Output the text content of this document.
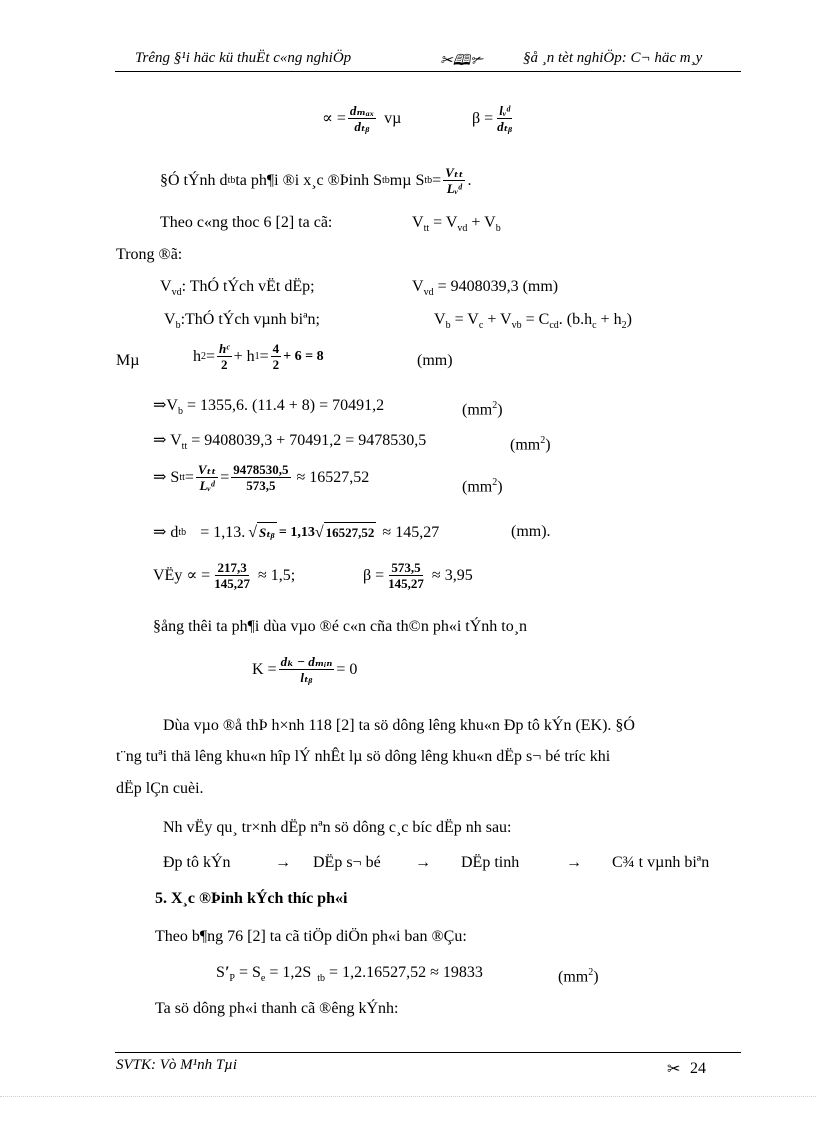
Trêng §¹i häc kü thuËt c«ng nghiÖp	✂🕮✃	§å ¸n tèt nghiÖp: C¬ häc m¸y
∝ = $\frac{\text{dₘₐₓ}}{\text{dₜᵦ}}$ vµ	$\beta = \frac{\text{lᵥᵈ}}{\text{dₜᵦ}}$
§Ó tÝnh d tb ta ph¶i ®i x¸c ®Þinh S tb mµ S tb = $\frac{\text{Vₜₜ}}{\text{Lᵥᵈ}}$ .
Theo c«ng thoc 6 [2] ta cã:	$V_{tt} = V_{vd} + V_b$
Trong ®ã:
$V_{vd}$: ThÓ tÝch vËt dËp;	$V_{vd} = 9408039,3$ (mm)
$V_b:ThÓ$ tÝch vµnh biªn;	$V_b = V_c + V_{vb} = C_{cd}$. $(b.h_c + h_2)$
Mµ	h $2 = \frac{\text{hᶜ}}{2} + h$ $1 = \frac{4}{2} + 6 = 8$	(mm)
$\Rightarrow V_b = 1355,6$. (11.4 + 8) = 70491,2	$(mm^2)$
⇒ $V_{tt} = 9408039,3 + 70491,2 = 9478530,5$	$(mm^2)$
⇒ S tt = $\frac{\text{Vₜₜ}}{\text{Lᵥᵈ}} = \frac{9478530,5}{573,5} \approx 16527,52$
$(mm^2)$
⇒ d tb = 1,13. √ Sₜᵦ = 1,13 √ 16527,52 ≈ 145,27	(mm).
VËy ∝ = $\frac{217,3}{145,27} \approx 1,5$;	$\beta = \frac{573,5}{145,27} \approx 3,95$
§ång thêi ta ph¶i dùa vµo ®é c«n cña th©n ph«i tÝnh to¸n
$K = \frac{\text{dₖ − dₘᵢₙ}}{\text{lₜᵦ}} = 0$
Dùa vµo ®å thÞ h×nh 118 [2] ta sö dông lêng khu«n Ðp tô kÝn (EK). §Ó
t¨ng tuªi thä lêng khu«n hîp lÝ nhÊt lµ sö dông lêng khu«n dËp s¬ bé tríc khi
dËp lÇn cuèi.
Nh vËy qu¸ tr×nh dËp nªn sö dông c¸c bíc dËp nh sau:
Ðp tô kÝn	→ DËp s¬ bé → DËp tinh	→ C¾ t vµnh biªn
5. X¸c ®Þinh kÝch thíc ph«i
Theo b¶ng 76 [2] ta cã tiÖp diÖn ph«i ban ®Çu:
$S'_P = S_e = 1,2S$ $_{tb}$ = 1,2.16527,52 ≈ 19833	$(mm^2)$
Ta sö dông ph«i thanh cã ®êng kÝnh:
SVTK: Vò M¹nh Tµi	✂ 24
